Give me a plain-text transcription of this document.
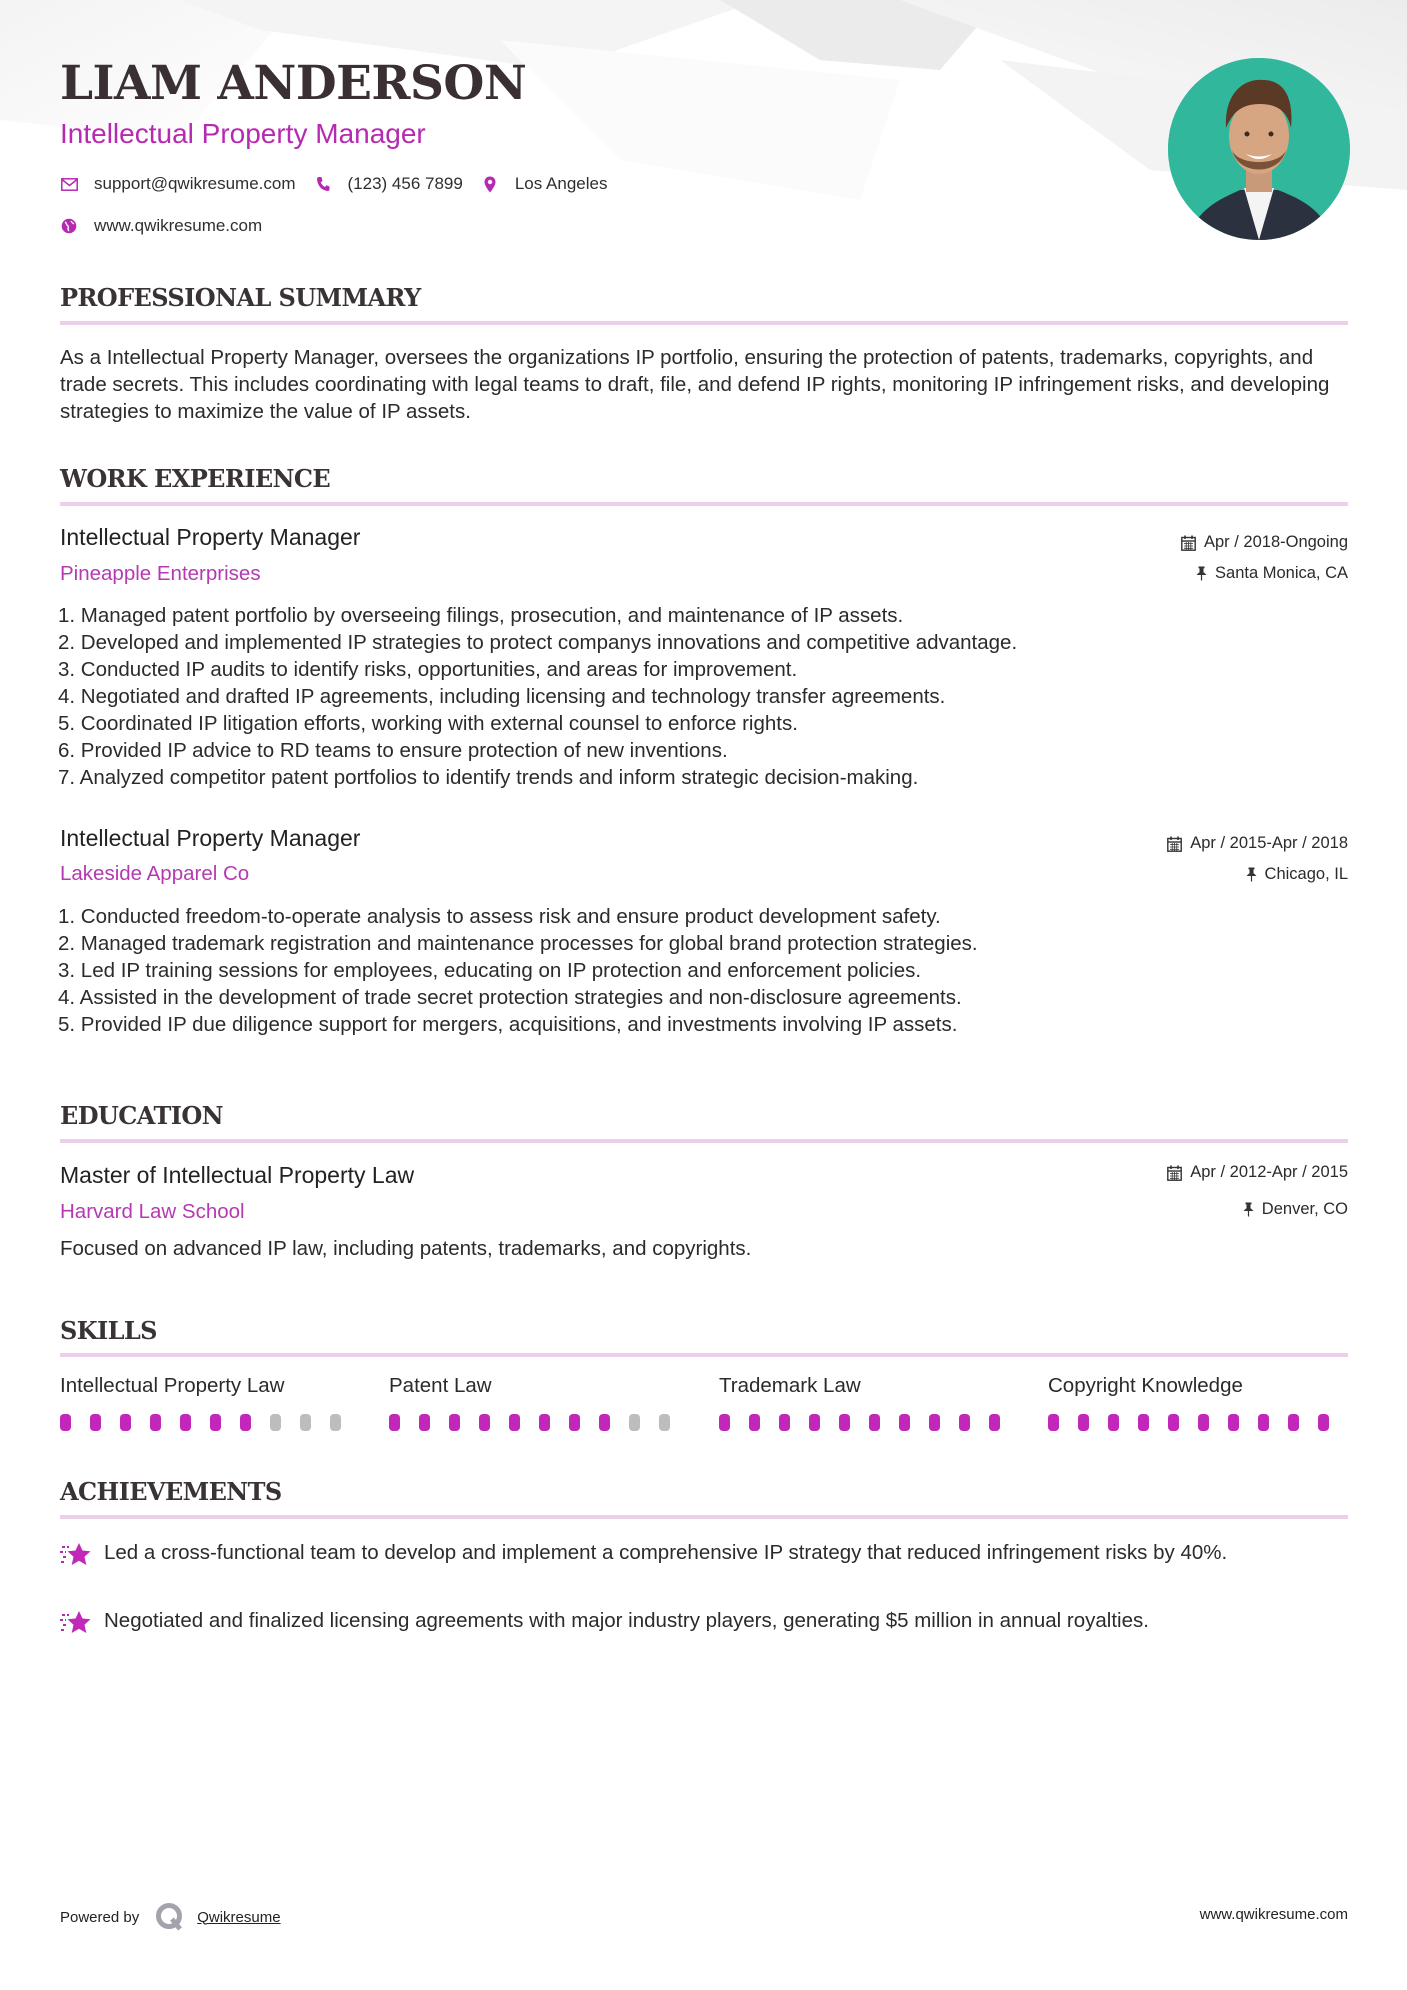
LIAM ANDERSON
Intellectual Property Manager
support@qwikresume.com	(123) 456 7899	Los Angeles
www.qwikresume.com
PROFESSIONAL SUMMARY
As a Intellectual Property Manager, oversees the organizations IP portfolio, ensuring the protection of patents, trademarks, copyrights, and trade secrets. This includes coordinating with legal teams to draft, file, and defend IP rights, monitoring IP infringement risks, and developing strategies to maximize the value of IP assets.
WORK EXPERIENCE
Intellectual Property Manager
Pineapple Enterprises
Apr / 2018-Ongoing
Santa Monica, CA
1. Managed patent portfolio by overseeing filings, prosecution, and maintenance of IP assets.
2. Developed and implemented IP strategies to protect companys innovations and competitive advantage.
3. Conducted IP audits to identify risks, opportunities, and areas for improvement.
4. Negotiated and drafted IP agreements, including licensing and technology transfer agreements.
5. Coordinated IP litigation efforts, working with external counsel to enforce rights.
6. Provided IP advice to RD teams to ensure protection of new inventions.
7. Analyzed competitor patent portfolios to identify trends and inform strategic decision-making.
Intellectual Property Manager
Lakeside Apparel Co
Apr / 2015-Apr / 2018
Chicago, IL
1. Conducted freedom-to-operate analysis to assess risk and ensure product development safety.
2. Managed trademark registration and maintenance processes for global brand protection strategies.
3. Led IP training sessions for employees, educating on IP protection and enforcement policies.
4. Assisted in the development of trade secret protection strategies and non-disclosure agreements.
5. Provided IP due diligence support for mergers, acquisitions, and investments involving IP assets.
EDUCATION
Master of Intellectual Property Law
Harvard Law School
Apr / 2012-Apr / 2015
Denver, CO
Focused on advanced IP law, including patents, trademarks, and copyrights.
SKILLS
Intellectual Property Law	Patent Law	Trademark Law	Copyright Knowledge
ACHIEVEMENTS
Led a cross-functional team to develop and implement a comprehensive IP strategy that reduced infringement risks by 40%.
Negotiated and finalized licensing agreements with major industry players, generating $5 million in annual royalties.
Powered by	Qwikresume	www.qwikresume.com
